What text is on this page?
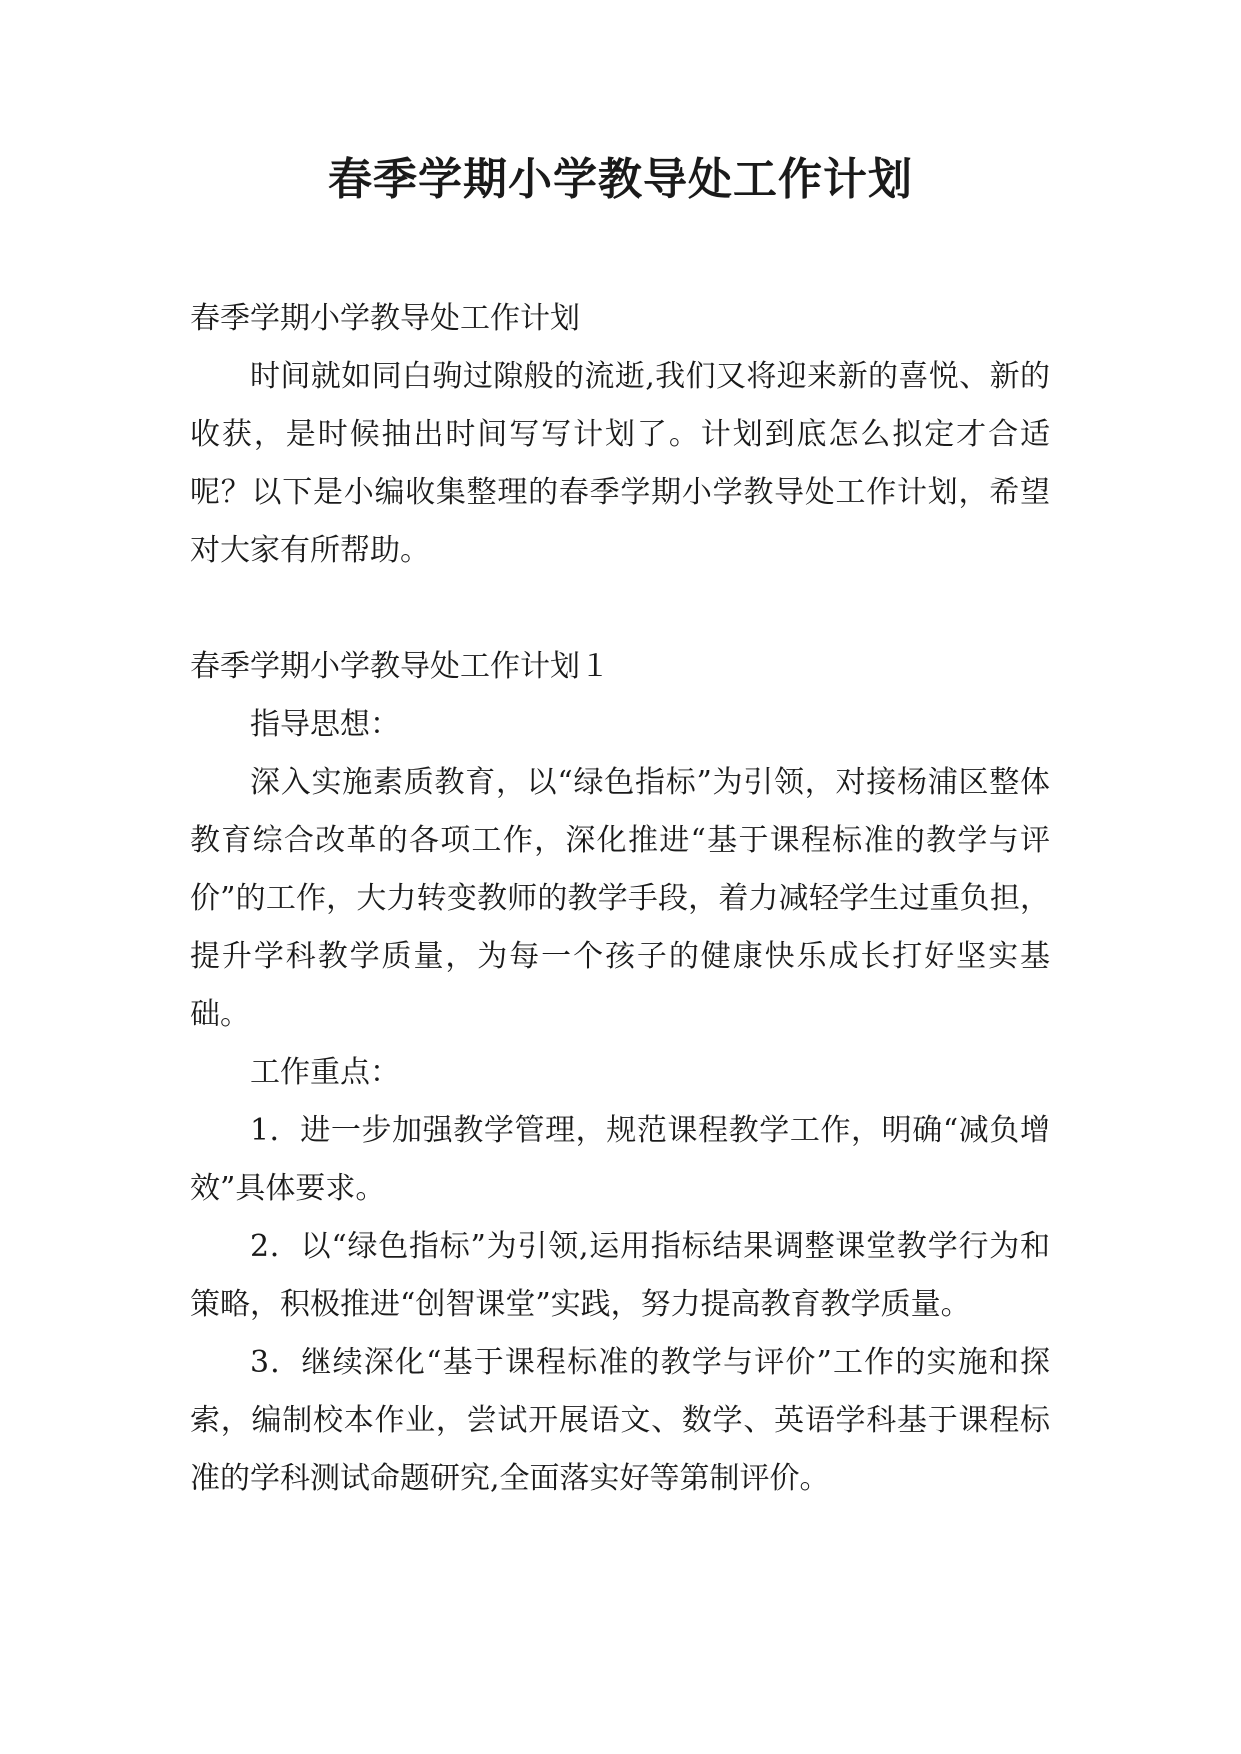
春季学期小学教导处工作计划

春季学期小学教导处工作计划

时间就如同白驹过隙般的流逝,我们又将迎来新的喜悦、新的收获，是时候抽出时间写写计划了。计划到底怎么拟定才合适呢？以下是小编收集整理的春季学期小学教导处工作计划，希望对大家有所帮助。

春季学期小学教导处工作计划１

指导思想：

深入实施素质教育，以“绿色指标”为引领，对接杨浦区整体教育综合改革的各项工作，深化推进“基于课程标准的教学与评价”的工作，大力转变教师的教学手段，着力减轻学生过重负担，提升学科教学质量，为每一个孩子的健康快乐成长打好坚实基础。

工作重点：

1．进一步加强教学管理，规范课程教学工作，明确“减负增效”具体要求。

2．以“绿色指标”为引领,运用指标结果调整课堂教学行为和策略，积极推进“创智课堂”实践，努力提高教育教学质量。

3．继续深化“基于课程标准的教学与评价”工作的实施和探索，编制校本作业，尝试开展语文、数学、英语学科基于课程标准的学科测试命题研究,全面落实好等第制评价。
